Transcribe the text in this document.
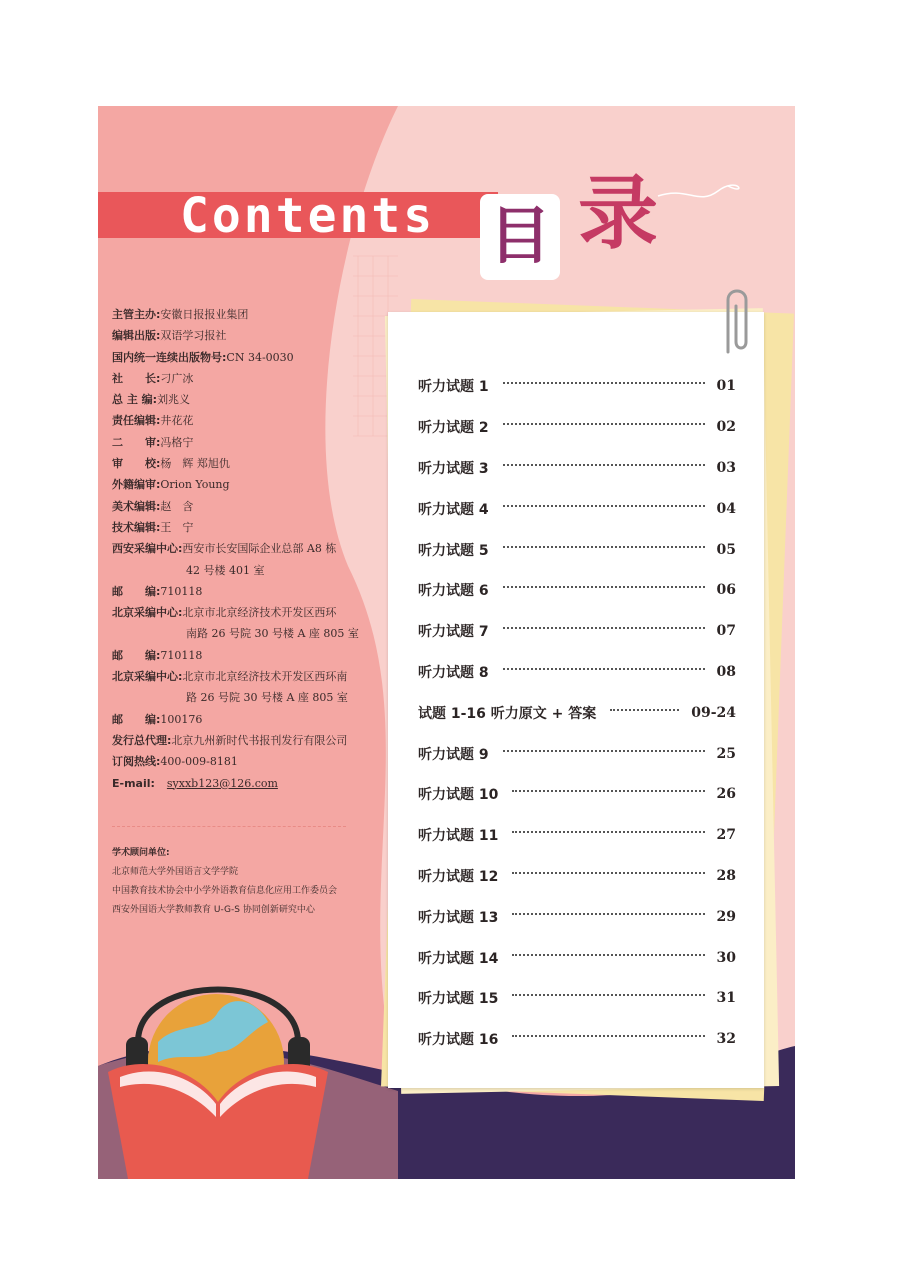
Contents 目 录
主管主办: 安徽日报报业集团
编辑出版: 双语学习报社
国内统一连续出版物号: CN 34-0030
社　　长: 刁广冰
总 主 编: 刘兆义
责任编辑: 井花花
二　　审: 冯格宁
审　　校: 杨　辉 郑旭仇
外籍编审: Orion Young
美术编辑: 赵　含
技术编辑: 王　宁
西安采编中心: 西安市长安国际企业总部 A8 栋
42 号楼 401 室
邮　　编: 710118
北京采编中心: 北京市北京经济技术开发区西环
南路 26 号院 30 号楼 A 座 805 室
邮　　编: 710118
北京采编中心: 北京市北京经济技术开发区西环南
路 26 号院 30 号楼 A 座 805 室
邮　　编: 100176
发行总代理: 北京九州新时代书报刊发行有限公司
订阅热线: 400-009-8181
E-mail: syxxb123@126.com
学术顾问单位:
北京师范大学外国语言文学学院
中国教育技术协会中小学外语教育信息化应用工作委员会
西安外国语大学教师教育 U-G-S 协同创新研究中心
听力试题 1	01
听力试题 2	02
听力试题 3	03
听力试题 4	04
听力试题 5	05
听力试题 6	06
听力试题 7	07
听力试题 8	08
试题 1-16 听力原文 + 答案	09-24
听力试题 9	25
听力试题 10	26
听力试题 11	27
听力试题 12	28
听力试题 13	29
听力试题 14	30
听力试题 15	31
听力试题 16	32
